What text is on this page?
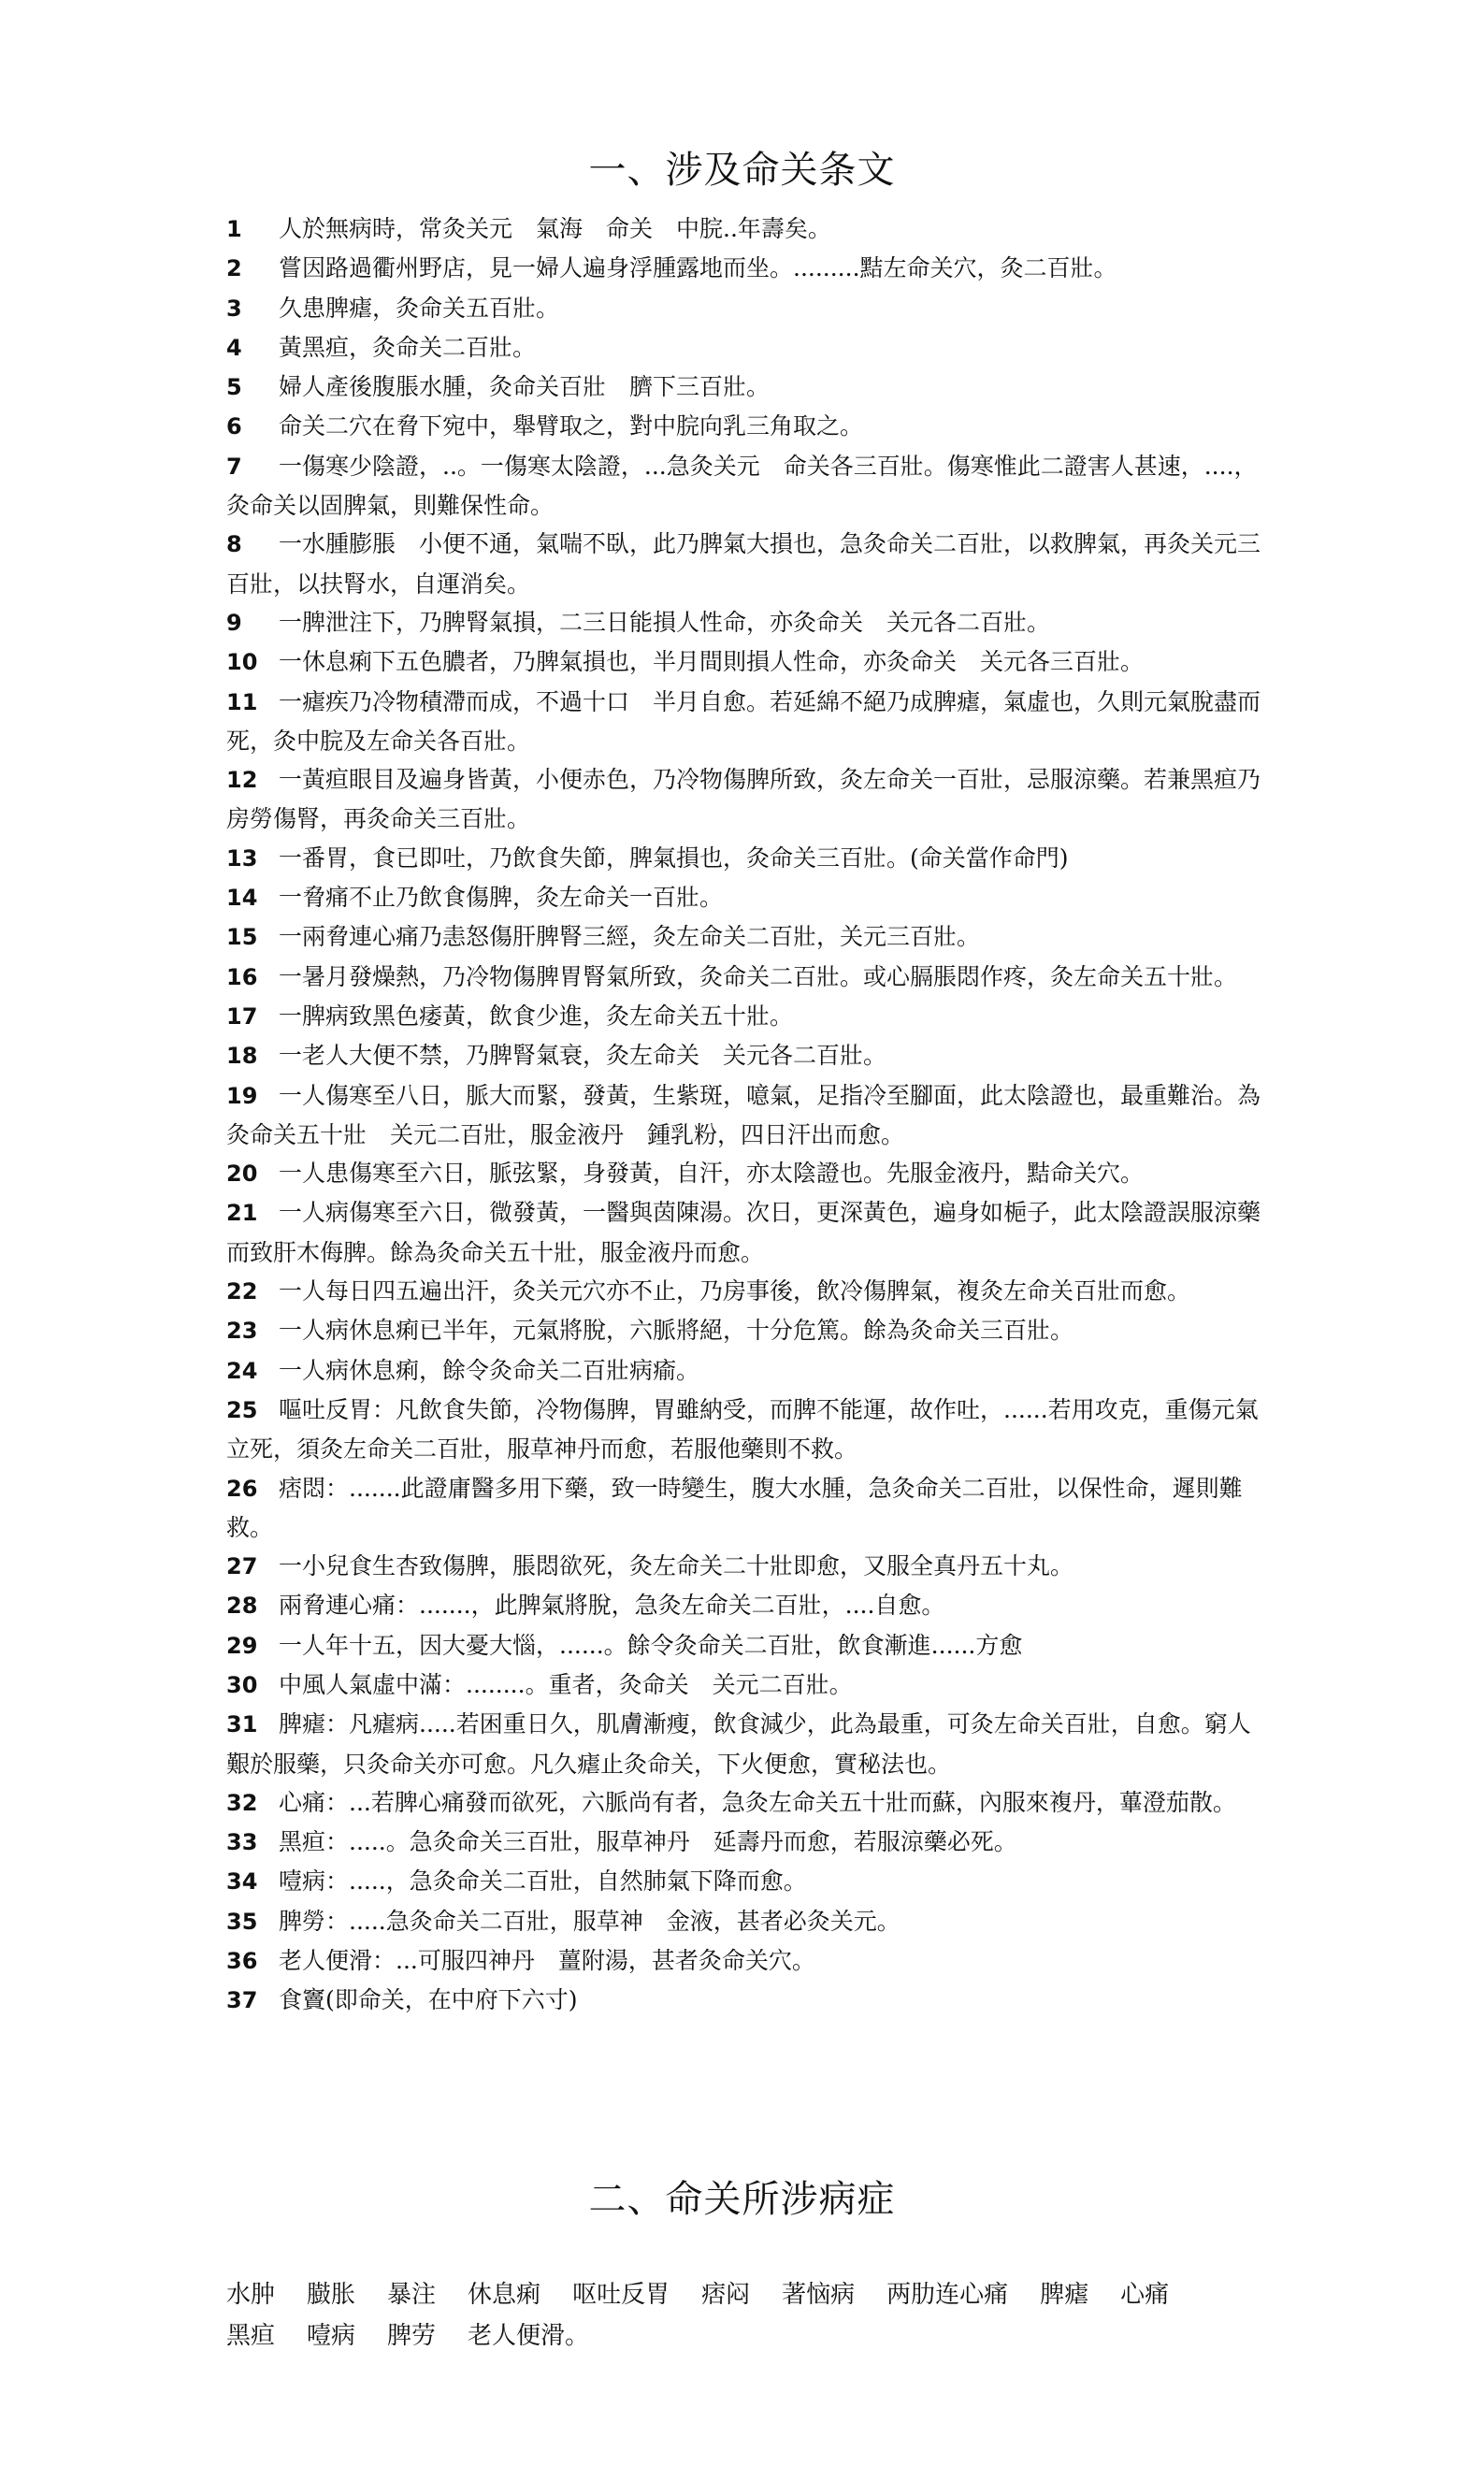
一、涉及命关条文
1 人於無病時，常灸关元　氣海　命关　中脘..年壽矣。
2 嘗因路過衢州野店，見一婦人遍身浮腫露地而坐。.........黠左命关穴，灸二百壯。
3 久患脾瘧，灸命关五百壯。
4 黃黑疸，灸命关二百壯。
5 婦人產後腹脹水腫，灸命关百壯　臍下三百壯。
6 命关二穴在脅下宛中，舉臂取之，對中脘向乳三角取之。
7 一傷寒少陰證，..。一傷寒太陰證，...急灸关元　命关各三百壯。傷寒惟此二證害人甚速，....，灸命关以固脾氣，則難保性命。
8 一水腫膨脹　小便不通，氣喘不臥，此乃脾氣大損也，急灸命关二百壯，以救脾氣，再灸关元三百壯，以扶腎水，自運消矣。
9 一脾泄注下，乃脾腎氣損，二三日能損人性命，亦灸命关　关元各二百壯。
10 一休息痢下五色膿者，乃脾氣損也，半月間則損人性命，亦灸命关　关元各三百壯。
11 一瘧疾乃冷物積滯而成，不過十口　半月自愈。若延綿不絕乃成脾瘧，氣虛也，久則元氣脫盡而死，灸中脘及左命关各百壯。
12 一黃疸眼目及遍身皆黃，小便赤色，乃冷物傷脾所致，灸左命关一百壯，忌服涼藥。若兼黑疸乃房勞傷腎，再灸命关三百壯。
13 一番胃，食已即吐，乃飲食失節，脾氣損也，灸命关三百壯。(命关當作命門)
14 一脅痛不止乃飲食傷脾，灸左命关一百壯。
15 一兩脅連心痛乃恚怒傷肝脾腎三經，灸左命关二百壯，关元三百壯。
16 一暑月發燥熱，乃冷物傷脾胃腎氣所致，灸命关二百壯。或心膈脹悶作疼，灸左命关五十壯。
17 一脾病致黑色痿黃，飲食少進，灸左命关五十壯。
18 一老人大便不禁，乃脾腎氣衰，灸左命关　关元各二百壯。
19 一人傷寒至八日，脈大而緊，發黃，生紫斑，噫氣，足指冷至腳面，此太陰證也，最重難治。為灸命关五十壯　关元二百壯，服金液丹　鍾乳粉，四日汗出而愈。
20 一人患傷寒至六日，脈弦緊，身發黃，自汗，亦太陰證也。先服金液丹，黠命关穴。
21 一人病傷寒至六日，微發黃，一醫與茵陳湯。次日，更深黃色，遍身如梔子，此太陰證誤服涼藥而致肝木侮脾。餘為灸命关五十壯，服金液丹而愈。
22 一人每日四五遍出汗，灸关元穴亦不止，乃房事後，飲冷傷脾氣，複灸左命关百壯而愈。
23 一人病休息痢已半年，元氣將脫，六脈將絕，十分危篤。餘為灸命关三百壯。
24 一人病休息痢，餘令灸命关二百壯病瘉。
25 嘔吐反胃：凡飲食失節，冷物傷脾，胃雖納受，而脾不能運，故作吐，......若用攻克，重傷元氣立死，須灸左命关二百壯，服草神丹而愈，若服他藥則不救。
26 痞悶：.......此證庸醫多用下藥，致一時變生，腹大水腫，急灸命关二百壯，以保性命，遲則難救。
27 一小兒食生杏致傷脾，脹悶欲死，灸左命关二十壯即愈，又服全真丹五十丸。
28 兩脅連心痛：.......，此脾氣將脫，急灸左命关二百壯，....自愈。
29 一人年十五，因大憂大惱，......。餘令灸命关二百壯，飲食漸進......方愈
30 中風人氣虛中滿：........。重者，灸命关　关元二百壯。
31 脾瘧：凡瘧病.....若困重日久，肌膚漸瘦，飲食減少，此為最重，可灸左命关百壯，自愈。窮人艱於服藥，只灸命关亦可愈。凡久瘧止灸命关，下火便愈，實秘法也。
32 心痛：...若脾心痛發而欲死，六脈尚有者，急灸左命关五十壯而蘇，內服來複丹，蓽澄茄散。
33 黑疸：.....。急灸命关三百壯，服草神丹　延壽丹而愈，若服涼藥必死。
34 噎病：.....，急灸命关二百壯，自然肺氣下降而愈。
35 脾勞：.....急灸命关二百壯，服草神　金液，甚者必灸关元。
36 老人便滑：...可服四神丹　薑附湯，甚者灸命关穴。
37 食竇(即命关，在中府下六寸)
二、命关所涉病症
水肿 臌胀 暴注 休息痢 呕吐反胃 痞闷 著恼病 两肋连心痛 脾瘧 心痛黑疸 噎病 脾劳 老人便滑。
